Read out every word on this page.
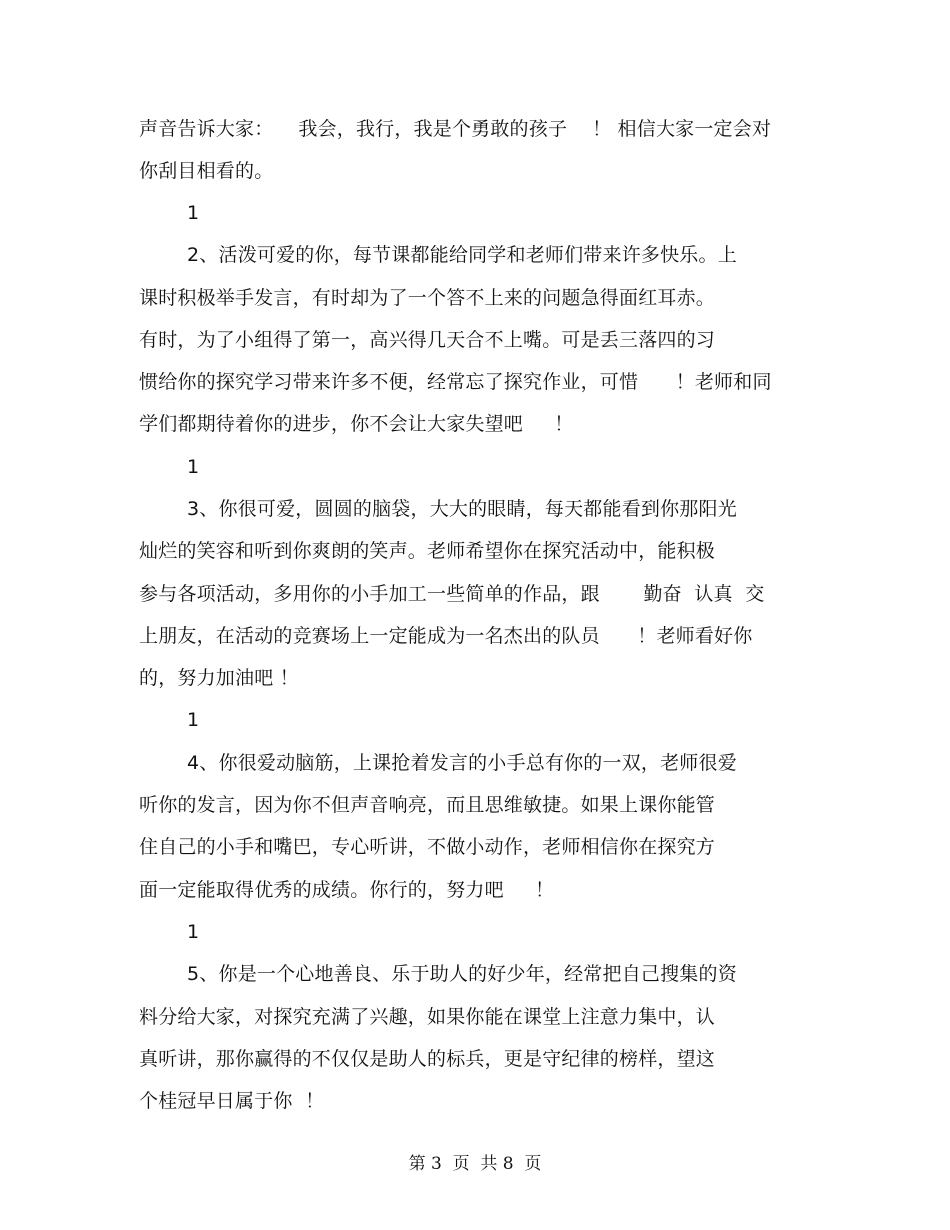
声音告诉大家：    我会，我行，我是个勇敢的孩子    ！ 相信大家一定会对
你刮目相看的。
1
2、活泼可爱的你，每节课都能给同学和老师们带来许多快乐。上
课时积极举手发言，有时却为了一个答不上来的问题急得面红耳赤。
有时，为了小组得了第一，高兴得几天合不上嘴。可是丢三落四的习
惯给你的探究学习带来许多不便，经常忘了探究作业，可惜      ！老师和同
学们都期待着你的进步，你不会让大家失望吧     ！
1
3、你很可爱，圆圆的脑袋，大大的眼睛，每天都能看到你那阳光
灿烂的笑容和听到你爽朗的笑声。老师希望你在探究活动中，能积极
参与各项活动，多用你的小手加工一些简单的作品，跟       勤奋  认真  交
上朋友，在活动的竞赛场上一定能成为一名杰出的队员      ！老师看好你
的，努力加油吧 ！
1
4、你很爱动脑筋，上课抢着发言的小手总有你的一双，老师很爱
听你的发言，因为你不但声音响亮，而且思维敏捷。如果上课你能管
住自己的小手和嘴巴，专心听讲，不做小动作，老师相信你在探究方
面一定能取得优秀的成绩。你行的，努力吧     ！
1
5、你是一个心地善良、乐于助人的好少年，经常把自己搜集的资
料分给大家，对探究充满了兴趣，如果你能在课堂上注意力集中，认
真听讲，那你赢得的不仅仅是助人的标兵，更是守纪律的榜样，望这
个桂冠早日属于你  ！
第 3  页  共 8  页
